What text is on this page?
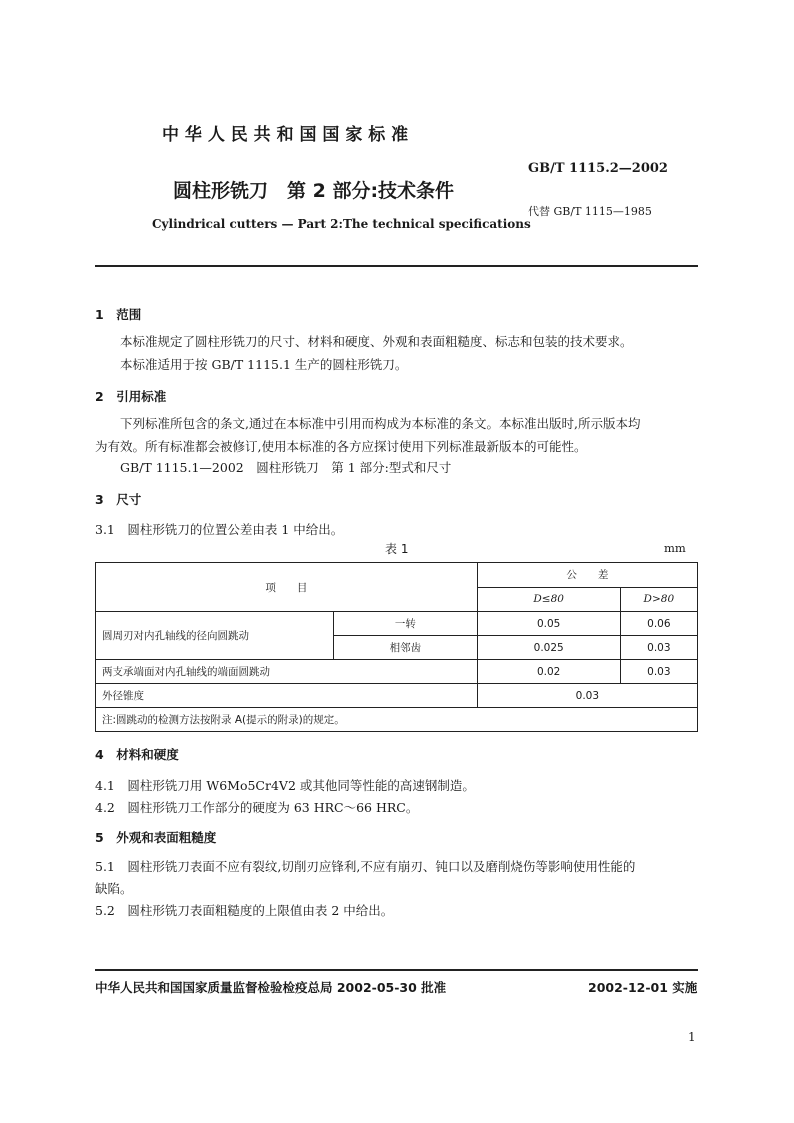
中 华 人 民 共 和 国 国 家 标 准
GB/T 1115.2—2002
圆柱形铣刀　第 2 部分:技术条件
代替 GB/T 1115—1985
Cylindrical cutters — Part 2:The technical specifications

1　范围

本标准规定了圆柱形铣刀的尺寸、材料和硬度、外观和表面粗糙度、标志和包装的技术要求。

本标准适用于按 GB/T 1115.1 生产的圆柱形铣刀。

2　引用标准

下列标准所包含的条文,通过在本标准中引用而构成为本标准的条文。本标准出版时,所示版本均

为有效。所有标准都会被修订,使用本标准的各方应探讨使用下列标准最新版本的可能性。

GB/T 1115.1—2002　圆柱形铣刀　第 1 部分:型式和尺寸

3　尺寸

3.1　圆柱形铣刀的位置公差由表 1 中给出。

表 1	mm
项　　目		公　　差	
		D≤80	D>80
圆周刃对内孔轴线的径向圆跳动	一转	0.05	0.06
	相邻齿	0.025	0.03
两支承端面对内孔轴线的端面圆跳动		0.02	0.03
外径锥度		0.03	
注:圆跳动的检测方法按附录 A(提示的附录)的规定。			

4　材料和硬度

4.1　圆柱形铣刀用 W6Mo5Cr4V2 或其他同等性能的高速钢制造。

4.2　圆柱形铣刀工作部分的硬度为 63 HRC～66 HRC。

5　外观和表面粗糙度

5.1　圆柱形铣刀表面不应有裂纹,切削刃应锋利,不应有崩刃、钝口以及磨削烧伤等影响使用性能的

缺陷。

5.2　圆柱形铣刀表面粗糙度的上限值由表 2 中给出。

中华人民共和国国家质量监督检验检疫总局 2002-05-30 批准	2002-12-01 实施
1
